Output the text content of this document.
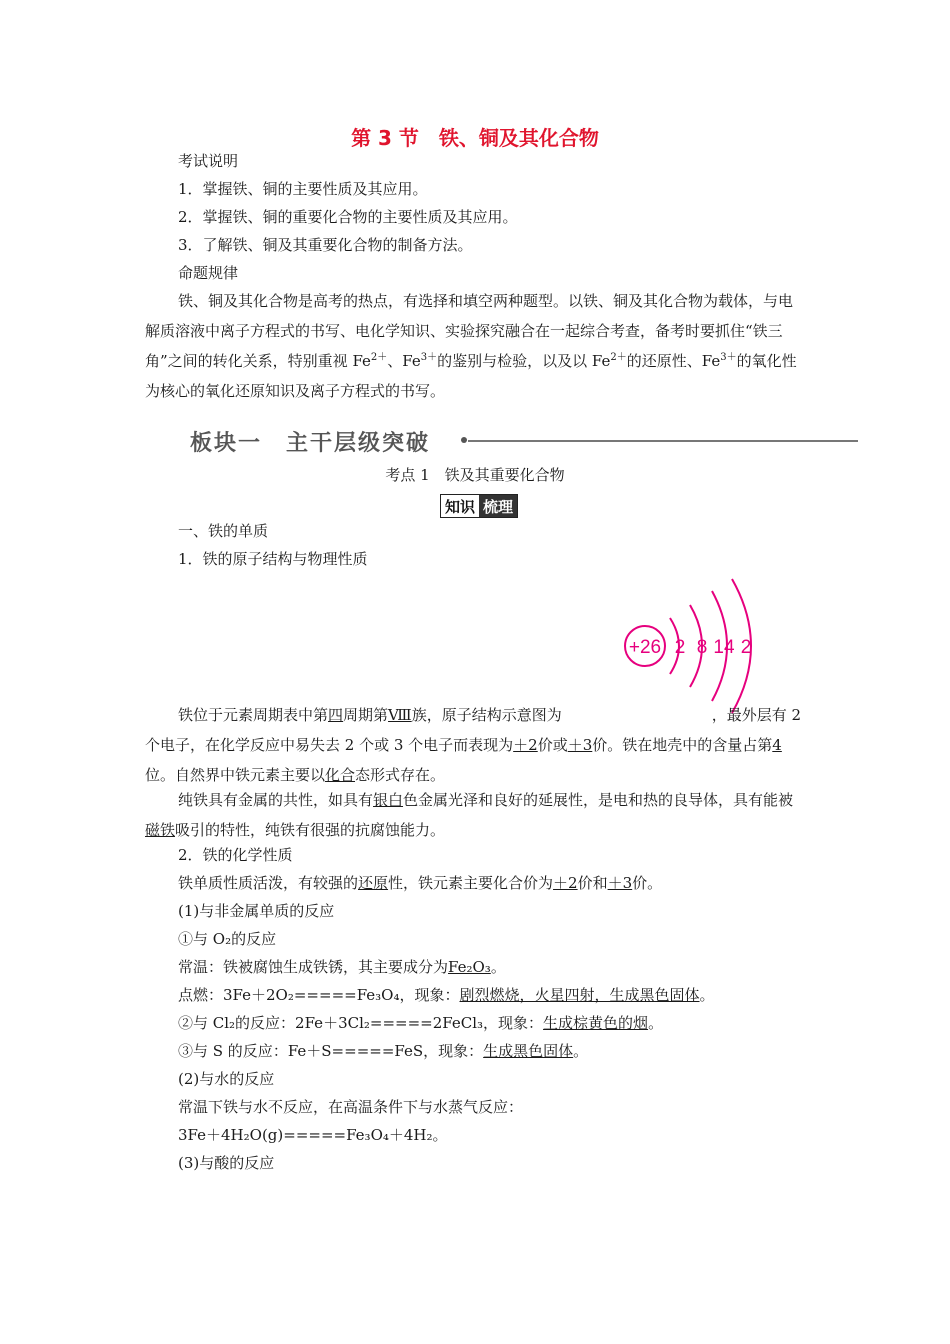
第 3 节　铁、铜及其化合物
考试说明
1．掌握铁、铜的主要性质及其应用。
2．掌握铁、铜的重要化合物的主要性质及其应用。
3．了解铁、铜及其重要化合物的制备方法。
命题规律
铁、铜及其化合物是高考的热点，有选择和填空两种题型。以铁、铜及其化合物为载体，与电解质溶液中离子方程式的书写、电化学知识、实验探究融合在一起综合考查，备考时要抓住“铁三角”之间的转化关系，特别重视 $Fe^{2+}$、$Fe^{3+}$的鉴别与检验，以及以 $Fe^{2+}$的还原性、$Fe^{3+}$的氧化性为核心的氧化还原知识及离子方程式的书写。
板块一　主干层级突破
考点 1　铁及其重要化合物
知识 梳理
一、铁的单质
1．铁的原子结构与物理性质
+26 2 8 14 2
铁位于元素周期表中第四周期第Ⅷ族，原子结构示意图为	，最外层有 2 个电子，在化学反应中易失去 2 个或 3 个电子而表现为＋2价或＋3价。铁在地壳中的含量占第4位。自然界中铁元素主要以化合态形式存在。
纯铁具有金属的共性，如具有银白色金属光泽和良好的延展性，是电和热的良导体，具有能被磁铁吸引的特性，纯铁有很强的抗腐蚀能力。
2．铁的化学性质
铁单质性质活泼，有较强的还原性，铁元素主要化合价为＋2价和＋3价。
(1)与非金属单质的反应
①与 O₂的反应
常温：铁被腐蚀生成铁锈，其主要成分为Fe₂O₃。
点燃：3Fe＋2O₂=====Fe₃O₄，现象：剧烈燃烧，火星四射，生成黑色固体。
②与 Cl₂的反应：2Fe＋3Cl₂=====2FeCl₃，现象：生成棕黄色的烟。
③与 S 的反应：Fe＋S=====FeS，现象：生成黑色固体。
(2)与水的反应
常温下铁与水不反应，在高温条件下与水蒸气反应：
3Fe＋4H₂O(g)=====Fe₃O₄＋4H₂。
(3)与酸的反应
